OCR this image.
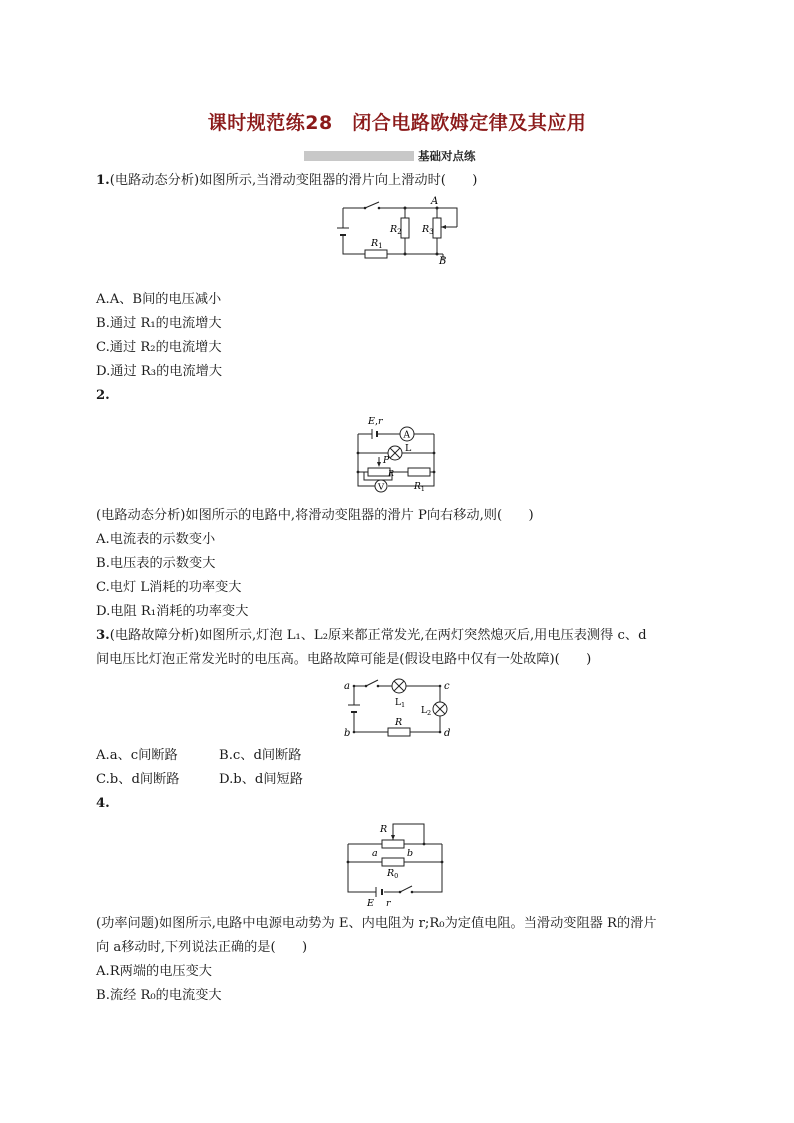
课时规范练28　闭合电路欧姆定律及其应用
基础对点练
1.(电路动态分析)如图所示,当滑动变阻器的滑片向上滑动时(　　)
A
B
$R_2$ $R_3$
$R_1$
A.A、B间的电压减小
B.通过 R₁的电流增大
C.通过 R₂的电流增大
D.通过 R₃的电流增大
2.
A
V
E,r
L
P
R
$R_1$
(电路动态分析)如图所示的电路中,将滑动变阻器的滑片 P向右移动,则(　　)
A.电流表的示数变小
B.电压表的示数变大
C.电灯 L消耗的功率变大
D.电阻 R₁消耗的功率变大
3.(电路故障分析)如图所示,灯泡 L₁、L₂原来都正常发光,在两灯突然熄灭后,用电压表测得 c、d
间电压比灯泡正常发光时的电压高。电路故障可能是(假设电路中仅有一处故障)(　　)
a	c
b	d
$L_1$
$L_2$
R
A.a、c间断路	B.c、d间断路
C.b、d间断路	D.b、d间短路
4.
R
a	b
$R_0$
E r
(功率问题)如图所示,电路中电源电动势为 E、内电阻为 r;R₀为定值电阻。当滑动变阻器 R的滑片
向 a移动时,下列说法正确的是(　　)
A.R两端的电压变大
B.流经 R₀的电流变大
